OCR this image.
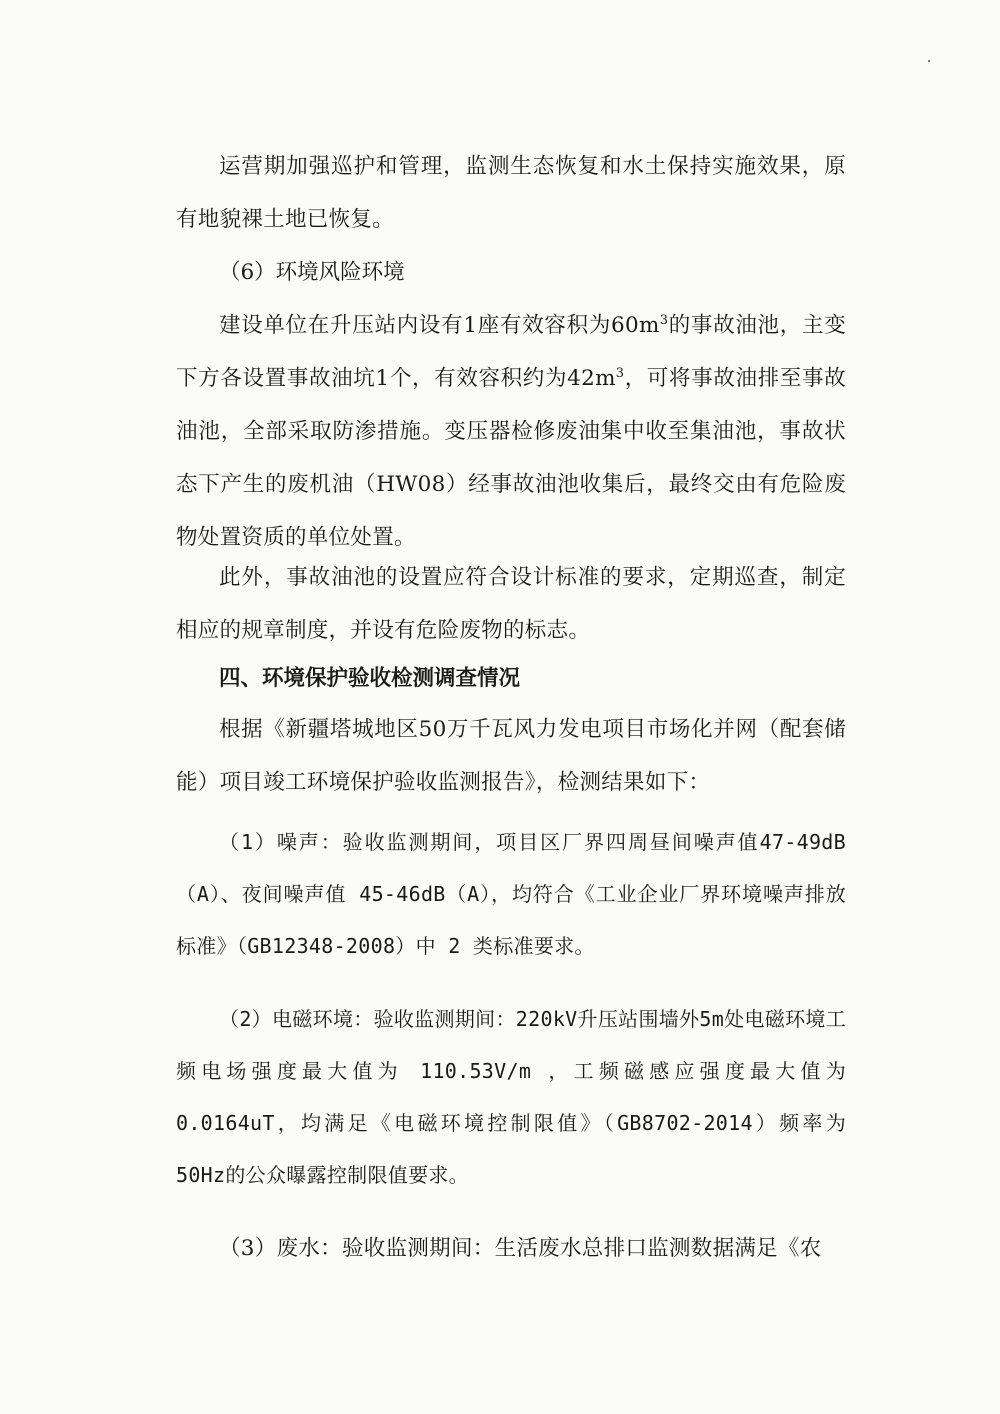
运营期加强巡护和管理，监测生态恢复和水土保持实施效果，原有地貌裸土地已恢复。

（6）环境风险环境

建设单位在升压站内设有1座有效容积为$60m^3$的事故油池，主变下方各设置事故油坑1个，有效容积约为$42m^3$，可将事故油排至事故油池，全部采取防渗措施。变压器检修废油集中收至集油池，事故状态下产生的废机油（HW08）经事故油池收集后，最终交由有危险废物处置资质的单位处置。

此外，事故油池的设置应符合设计标准的要求，定期巡查，制定相应的规章制度，并设有危险废物的标志。

四、环境保护验收检测调查情况

根据《新疆塔城地区50万千瓦风力发电项目市场化并网（配套储能）项目竣工环境保护验收监测报告》，检测结果如下：

（1）噪声：验收监测期间，项目区厂界四周昼间噪声值47-49dB（A）、夜间噪声值 45-46dB（A），均符合《工业企业厂界环境噪声排放标准》（GB12348-2008）中 2 类标准要求。

（2）电磁环境：验收监测期间：220kV升压站围墙外5m处电磁环境工频电场强度最大值为 110.53V/m ，工频磁感应强度最大值为0.0164uT，均满足《电磁环境控制限值》（GB8702-2014）频率为 50Hz的公众曝露控制限值要求。

（3）废水：验收监测期间：生活废水总排口监测数据满足《农
